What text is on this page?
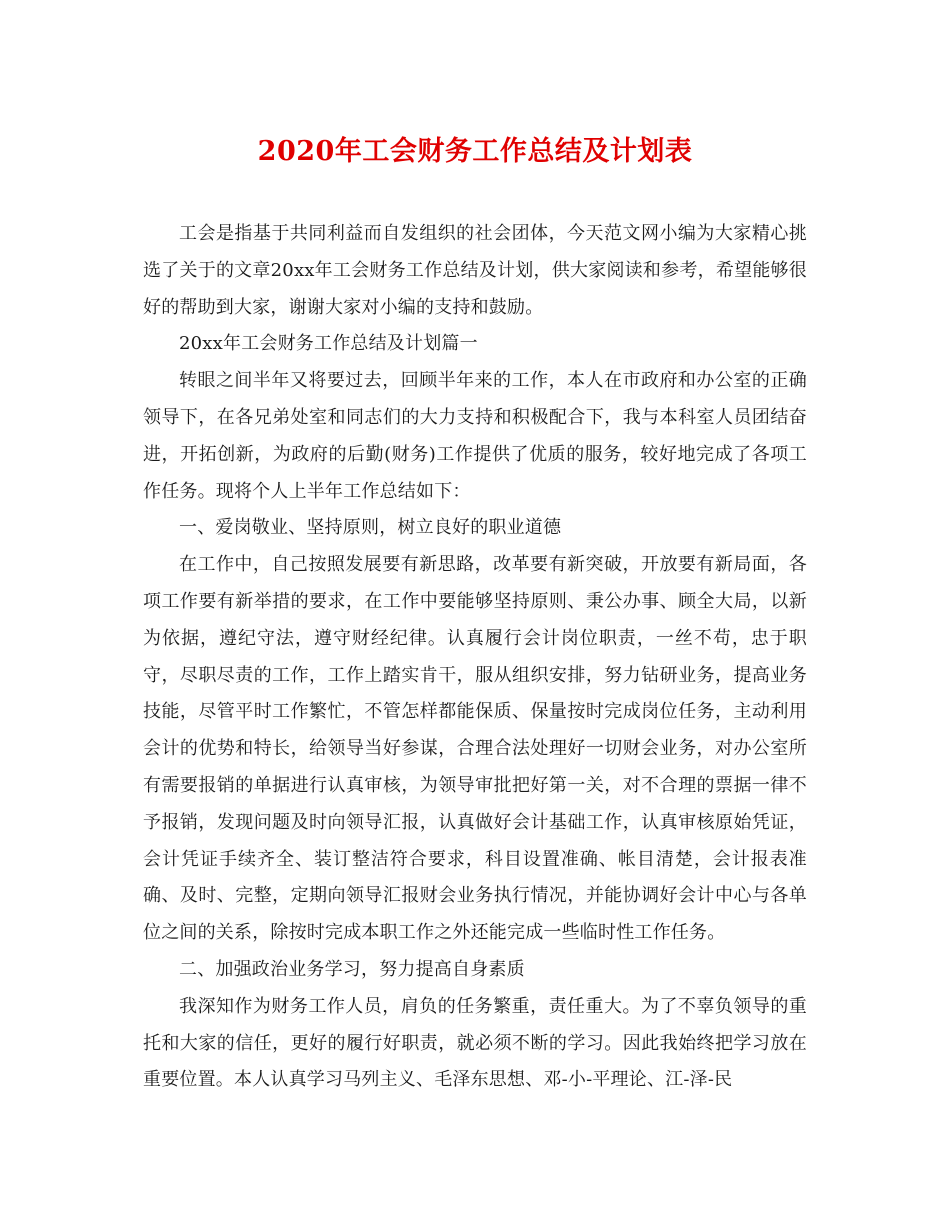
2020年工会财务工作总结及计划表

工会是指基于共同利益而自发组织的社会团体，今天范文网小编为大家精心挑选了关于的文章20xx年工会财务工作总结及计划，供大家阅读和参考，希望能够很好的帮助到大家，谢谢大家对小编的支持和鼓励。

20xx年工会财务工作总结及计划篇一

转眼之间半年又将要过去，回顾半年来的工作，本人在市政府和办公室的正确领导下，在各兄弟处室和同志们的大力支持和积极配合下，我与本科室人员团结奋进，开拓创新，为政府的后勤(财务)工作提供了优质的服务，较好地完成了各项工作任务。现将个人上半年工作总结如下：

一、爱岗敬业、坚持原则，树立良好的职业道德

在工作中，自己按照发展要有新思路，改革要有新突破，开放要有新局面，各项工作要有新举措的要求，在工作中要能够坚持原则、秉公办事、顾全大局，以新为依据，遵纪守法，遵守财经纪律。认真履行会计岗位职责，一丝不苟，忠于职守，尽职尽责的工作，工作上踏实肯干，服从组织安排，努力钻研业务，提高业务技能，尽管平时工作繁忙，不管怎样都能保质、保量按时完成岗位任务，主动利用会计的优势和特长，给领导当好参谋，合理合法处理好一切财会业务，对办公室所有需要报销的单据进行认真审核，为领导审批把好第一关，对不合理的票据一律不予报销，发现问题及时向领导汇报，认真做好会计基础工作，认真审核原始凭证，会计凭证手续齐全、装订整洁符合要求，科目设置准确、帐目清楚，会计报表准确、及时、完整，定期向领导汇报财会业务执行情况，并能协调好会计中心与各单位之间的关系，除按时完成本职工作之外还能完成一些临时性工作任务。

二、加强政治业务学习，努力提高自身素质

我深知作为财务工作人员，肩负的任务繁重，责任重大。为了不辜负领导的重托和大家的信任，更好的履行好职责，就必须不断的学习。因此我始终把学习放在重要位置。本人认真学习马列主义、毛泽东思想、邓-小-平理论、江-泽-民
